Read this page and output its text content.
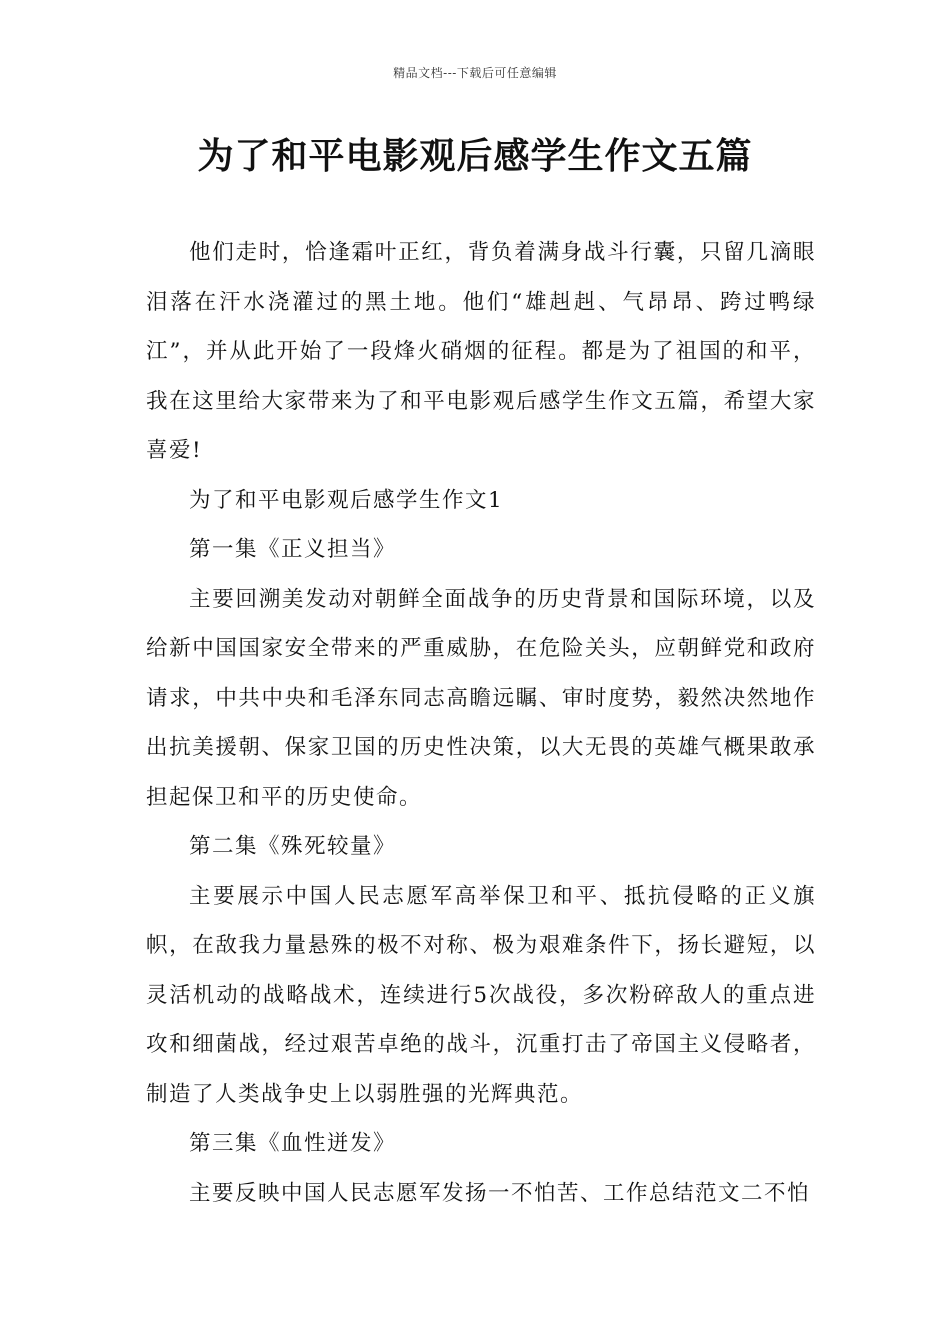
精品文档---下载后可任意编辑
为了和平电影观后感学生作文五篇

他们走时，恰逢霜叶正红，背负着满身战斗行囊，只留几滴眼泪落在汗水浇灌过的黑土地。他们“雄赳赳、气昂昂、跨过鸭绿江”，并从此开始了一段烽火硝烟的征程。都是为了祖国的和平，我在这里给大家带来为了和平电影观后感学生作文五篇，希望大家喜爱!

为了和平电影观后感学生作文1

第一集《正义担当》

主要回溯美发动对朝鲜全面战争的历史背景和国际环境，以及给新中国国家安全带来的严重威胁，在危险关头，应朝鲜党和政府请求，中共中央和毛泽东同志高瞻远瞩、审时度势，毅然决然地作出抗美援朝、保家卫国的历史性决策，以大无畏的英雄气概果敢承担起保卫和平的历史使命。

第二集《殊死较量》

主要展示中国人民志愿军高举保卫和平、抵抗侵略的正义旗帜，在敌我力量悬殊的极不对称、极为艰难条件下，扬长避短，以灵活机动的战略战术，连续进行5次战役，多次粉碎敌人的重点进攻和细菌战，经过艰苦卓绝的战斗，沉重打击了帝国主义侵略者，制造了人类战争史上以弱胜强的光辉典范。

第三集《血性迸发》

主要反映中国人民志愿军发扬一不怕苦、工作总结范文二不怕
